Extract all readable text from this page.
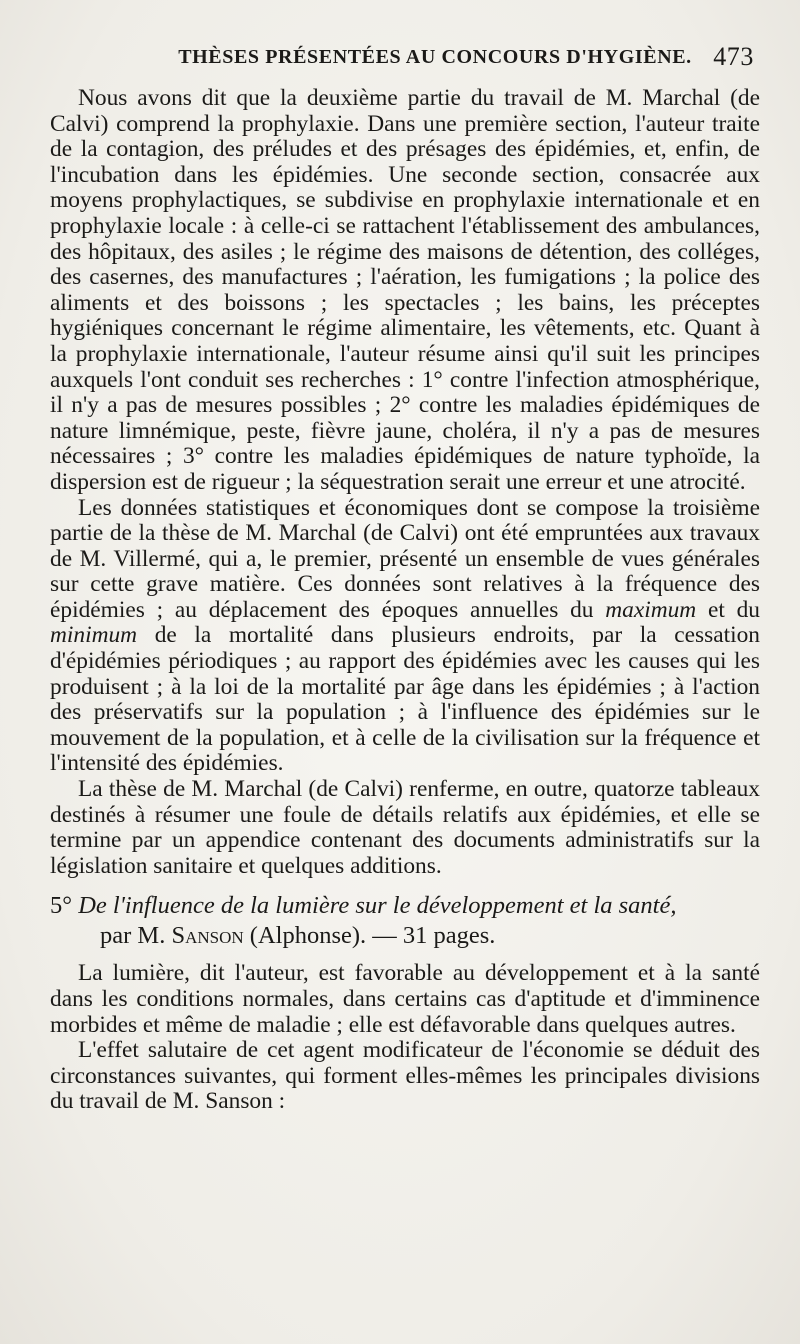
THÈSES PRÉSENTÉES AU CONCOURS D'HYGIÈNE. 473

Nous avons dit que la deuxième partie du travail de M. Marchal (de Calvi) comprend la prophylaxie. Dans une première section, l'auteur traite de la contagion, des préludes et des présages des épidémies, et, enfin, de l'incubation dans les épidémies. Une seconde section, consacrée aux moyens prophylactiques, se subdivise en prophylaxie internationale et en prophylaxie locale : à celle-ci se rattachent l'établissement des ambulances, des hôpitaux, des asiles ; le régime des maisons de détention, des colléges, des casernes, des manufactures ; l'aération, les fumigations ; la police des aliments et des boissons ; les spectacles ; les bains, les préceptes hygiéniques concernant le régime alimentaire, les vêtements, etc. Quant à la prophylaxie internationale, l'auteur résume ainsi qu'il suit les principes auxquels l'ont conduit ses recherches : 1° contre l'infection atmosphérique, il n'y a pas de mesures possibles ; 2° contre les maladies épidémiques de nature limnémique, peste, fièvre jaune, choléra, il n'y a pas de mesures nécessaires ; 3° contre les maladies épidémiques de nature typhoïde, la dispersion est de rigueur ; la séquestration serait une erreur et une atrocité.

Les données statistiques et économiques dont se compose la troisième partie de la thèse de M. Marchal (de Calvi) ont été empruntées aux travaux de M. Villermé, qui a, le premier, présenté un ensemble de vues générales sur cette grave matière. Ces données sont relatives à la fréquence des épidémies ; au déplacement des époques annuelles du maximum et du minimum de la mortalité dans plusieurs endroits, par la cessation d'épidémies périodiques ; au rapport des épidémies avec les causes qui les produisent ; à la loi de la mortalité par âge dans les épidémies ; à l'action des préservatifs sur la population ; à l'influence des épidémies sur le mouvement de la population, et à celle de la civilisation sur la fréquence et l'intensité des épidémies.

La thèse de M. Marchal (de Calvi) renferme, en outre, quatorze tableaux destinés à résumer une foule de détails relatifs aux épidémies, et elle se termine par un appendice contenant des documents administratifs sur la législation sanitaire et quelques additions.

5° De l'influence de la lumière sur le développement et la santé,
par M. Sanson (Alphonse). — 31 pages.

La lumière, dit l'auteur, est favorable au développement et à la santé dans les conditions normales, dans certains cas d'aptitude et d'imminence morbides et même de maladie ; elle est défavorable dans quelques autres.

L'effet salutaire de cet agent modificateur de l'économie se déduit des circonstances suivantes, qui forment elles-mêmes les principales divisions du travail de M. Sanson :
